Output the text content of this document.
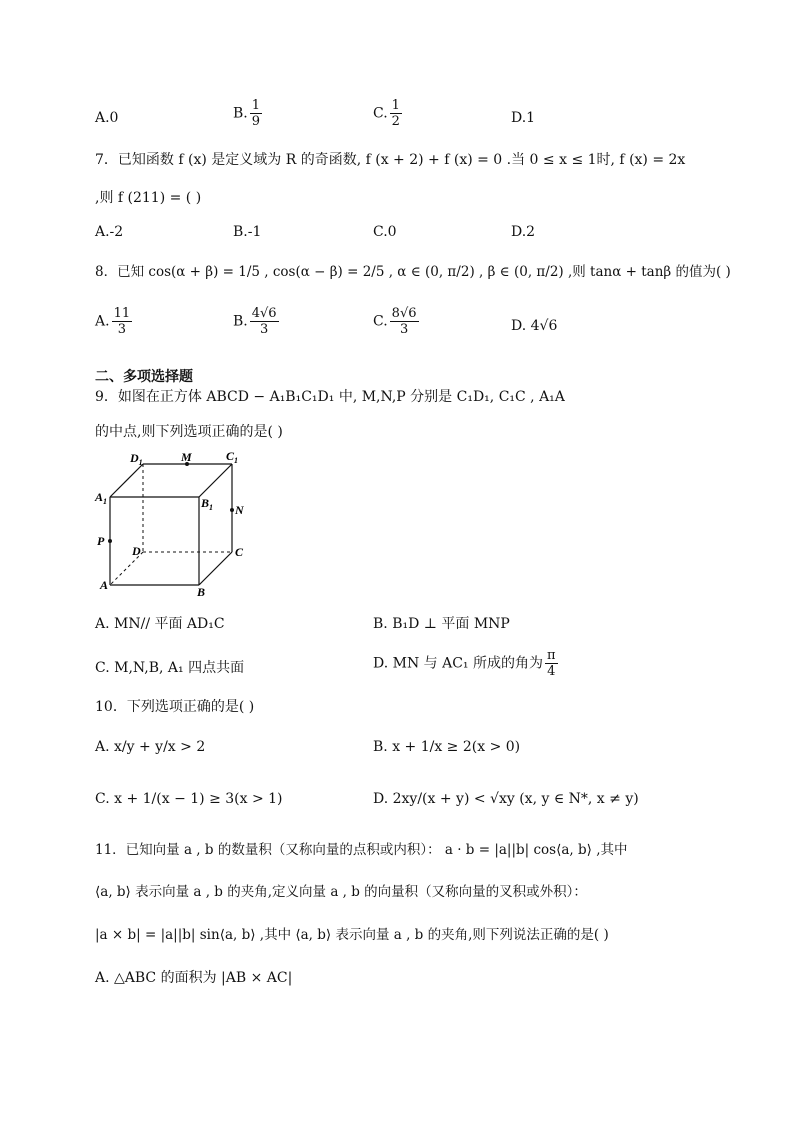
A.0	B. $\frac{1}{9}$	C. $\frac{1}{2}$	D.1
7．已知函数 f (x) 是定义域为 R 的奇函数, f (x + 2) + f (x) = 0 .当 0 ≤ x ≤ 1时, f (x) = 2x
,则 f (211) = ( )
A.-2	B.-1	C.0	D.2
8．已知 cos(α + β) = 1/5 , cos(α − β) = 2/5 , α ∈ (0, π/2) , β ∈ (0, π/2) ,则 tanα + tanβ 的值为( )
A. $\frac{11}{3}$	B. $\frac{4√6}{3}$	C. $\frac{8√6}{3}$	D. 4√6
二、多项选择题
9．如图在正方体 ABCD − A₁B₁C₁D₁ 中, M,N,P 分别是 C₁D₁, C₁C , A₁A
的中点,则下列选项正确的是( )
$D_1$	M	$C_1$
$A_1$	$B_1$ N
P
D	C
A	B
A. MN// 平面 AD₁C	B. B₁D ⊥ 平面 MNP
C. M,N,B, A₁ 四点共面	D. MN 与 AC₁ 所成的角为 $\frac{\pi}{4}$
10．下列选项正确的是( )
A. x/y + y/x > 2	B. x + 1/x ≥ 2(x > 0)
C. x + 1/(x − 1) ≥ 3(x > 1)	D. 2xy/(x + y) < √xy (x, y ∈ N*, x ≠ y)
11．已知向量 a , b 的数量积（又称向量的点积或内积）： a · b = |a||b| cos⟨a, b⟩ ,其中
⟨a, b⟩ 表示向量 a , b 的夹角,定义向量 a , b 的向量积（又称向量的叉积或外积）：
|a × b| = |a||b| sin⟨a, b⟩ ,其中 ⟨a, b⟩ 表示向量 a , b 的夹角,则下列说法正确的是( )
A. △ABC 的面积为 |AB × AC|
